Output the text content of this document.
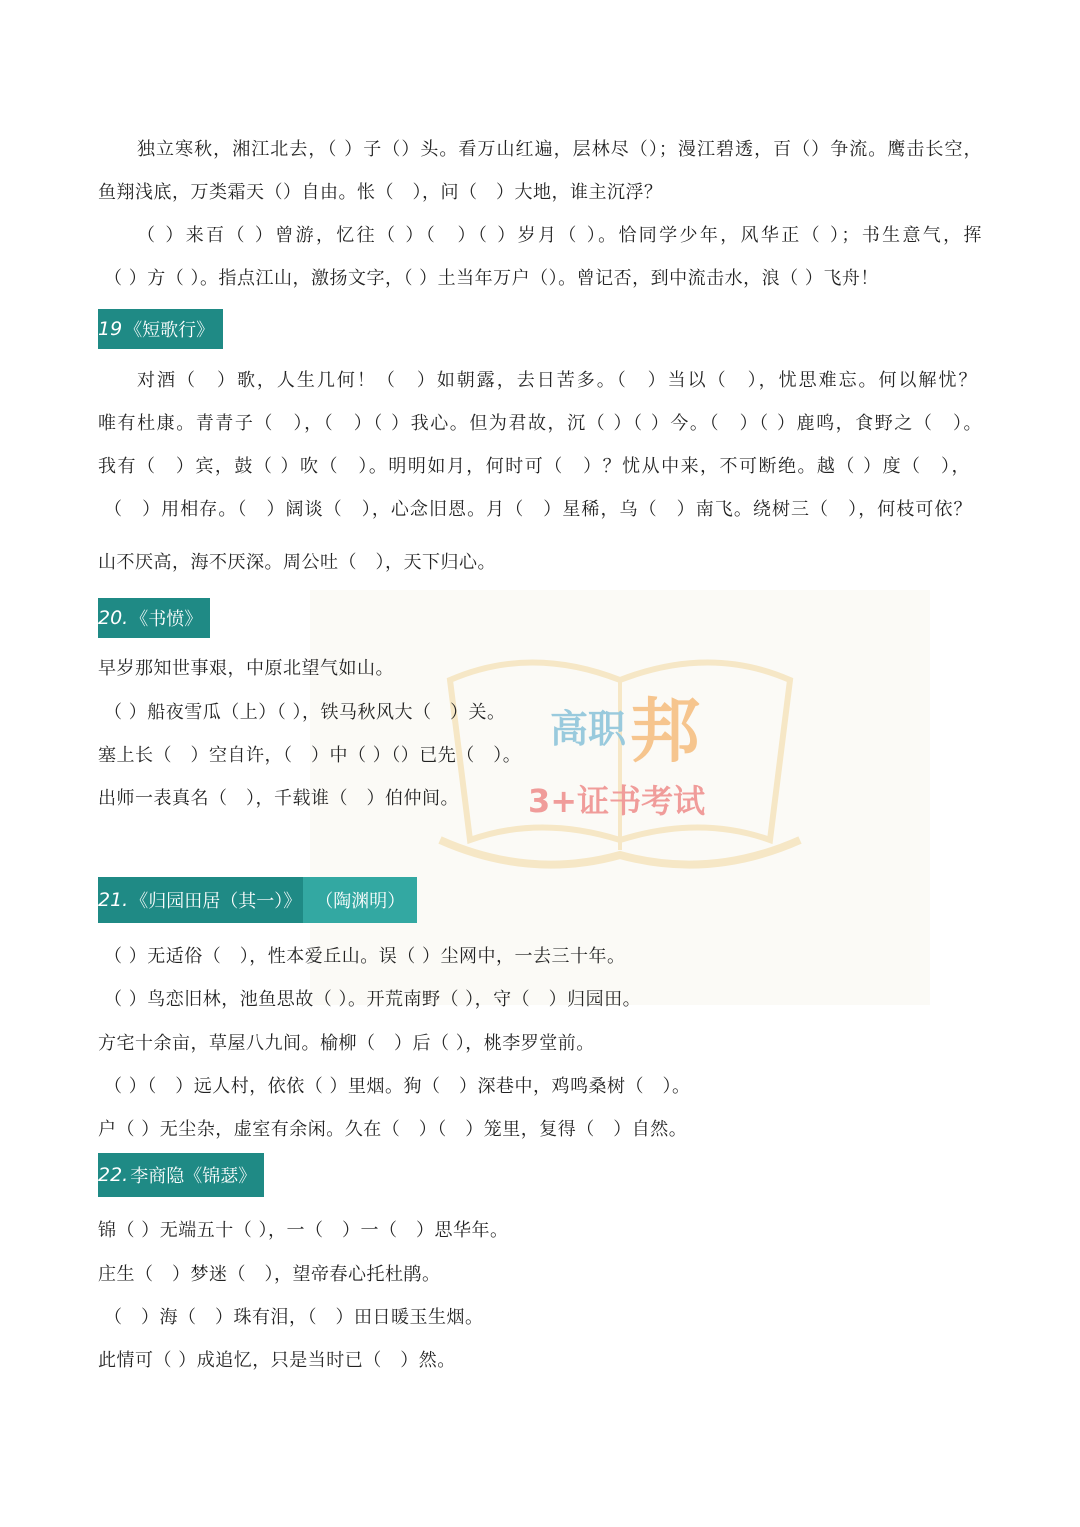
高职 邦
3+证书考试
独立寒秋，湘江北去，（ ）子（）头。看万山红遍，层林尽（）；漫江碧透，百（）争流。鹰击长空，
鱼翔浅底，万类霜天（）自由。怅（　），问（　）大地，谁主沉浮？
（ ）来百（ ）曾游，忆往（ ）（　）（ ）岁月（ ）。恰同学少年，风华正（ ）；书生意气，挥
（ ）方（ ）。指点江山，激扬文字，（ ）土当年万户（）。曾记否，到中流击水，浪（ ）飞舟！
19 《短歌行》
对酒（　）歌，人生几何！（　）如朝露，去日苦多。（　）当以（　），忧思难忘。何以解忧？
唯有杜康。青青子（　），（　）（ ）我心。但为君故，沉（ ）（ ）今。（　）（ ）鹿鸣，食野之（　）。
我有（　）宾，鼓（ ）吹（　）。明明如月，何时可（　）？忧从中来，不可断绝。越（ ）度（　），
（　）用相存。（　）阔谈（　），心念旧恩。月（　）星稀，乌（　）南飞。绕树三（　），何枝可依？
山不厌高，海不厌深。周公吐（　），天下归心。
20. 《书愤》
早岁那知世事艰，中原北望气如山。
（ ）船夜雪瓜（上）（ ），铁马秋风大（　）关。
塞上长（　）空自许，（　）中（ ）（）已先（　）。
出师一表真名（　），千载谁（　）伯仲间。
21. 《归园田居（其一）》 （陶渊明）
（ ）无适俗（　），性本爱丘山。误（ ）尘网中，一去三十年。
（ ）鸟恋旧林，池鱼思故（ ）。开荒南野（ ），守（　）归园田。
方宅十余亩，草屋八九间。榆柳（　）后（ ），桃李罗堂前。
（ ）（　）远人村，依依（ ）里烟。狗（　）深巷中，鸡鸣桑树（　）。
户（ ）无尘杂，虚室有余闲。久在（　）（　）笼里，复得（　）自然。
22. 李商隐《锦瑟》
锦（ ）无端五十（ ），一（　）一（　）思华年。
庄生（　）梦迷（　），望帝春心托杜鹃。
（　）海（　）珠有泪，（　）田日暖玉生烟。
此情可（ ）成追忆，只是当时已（　）然。
